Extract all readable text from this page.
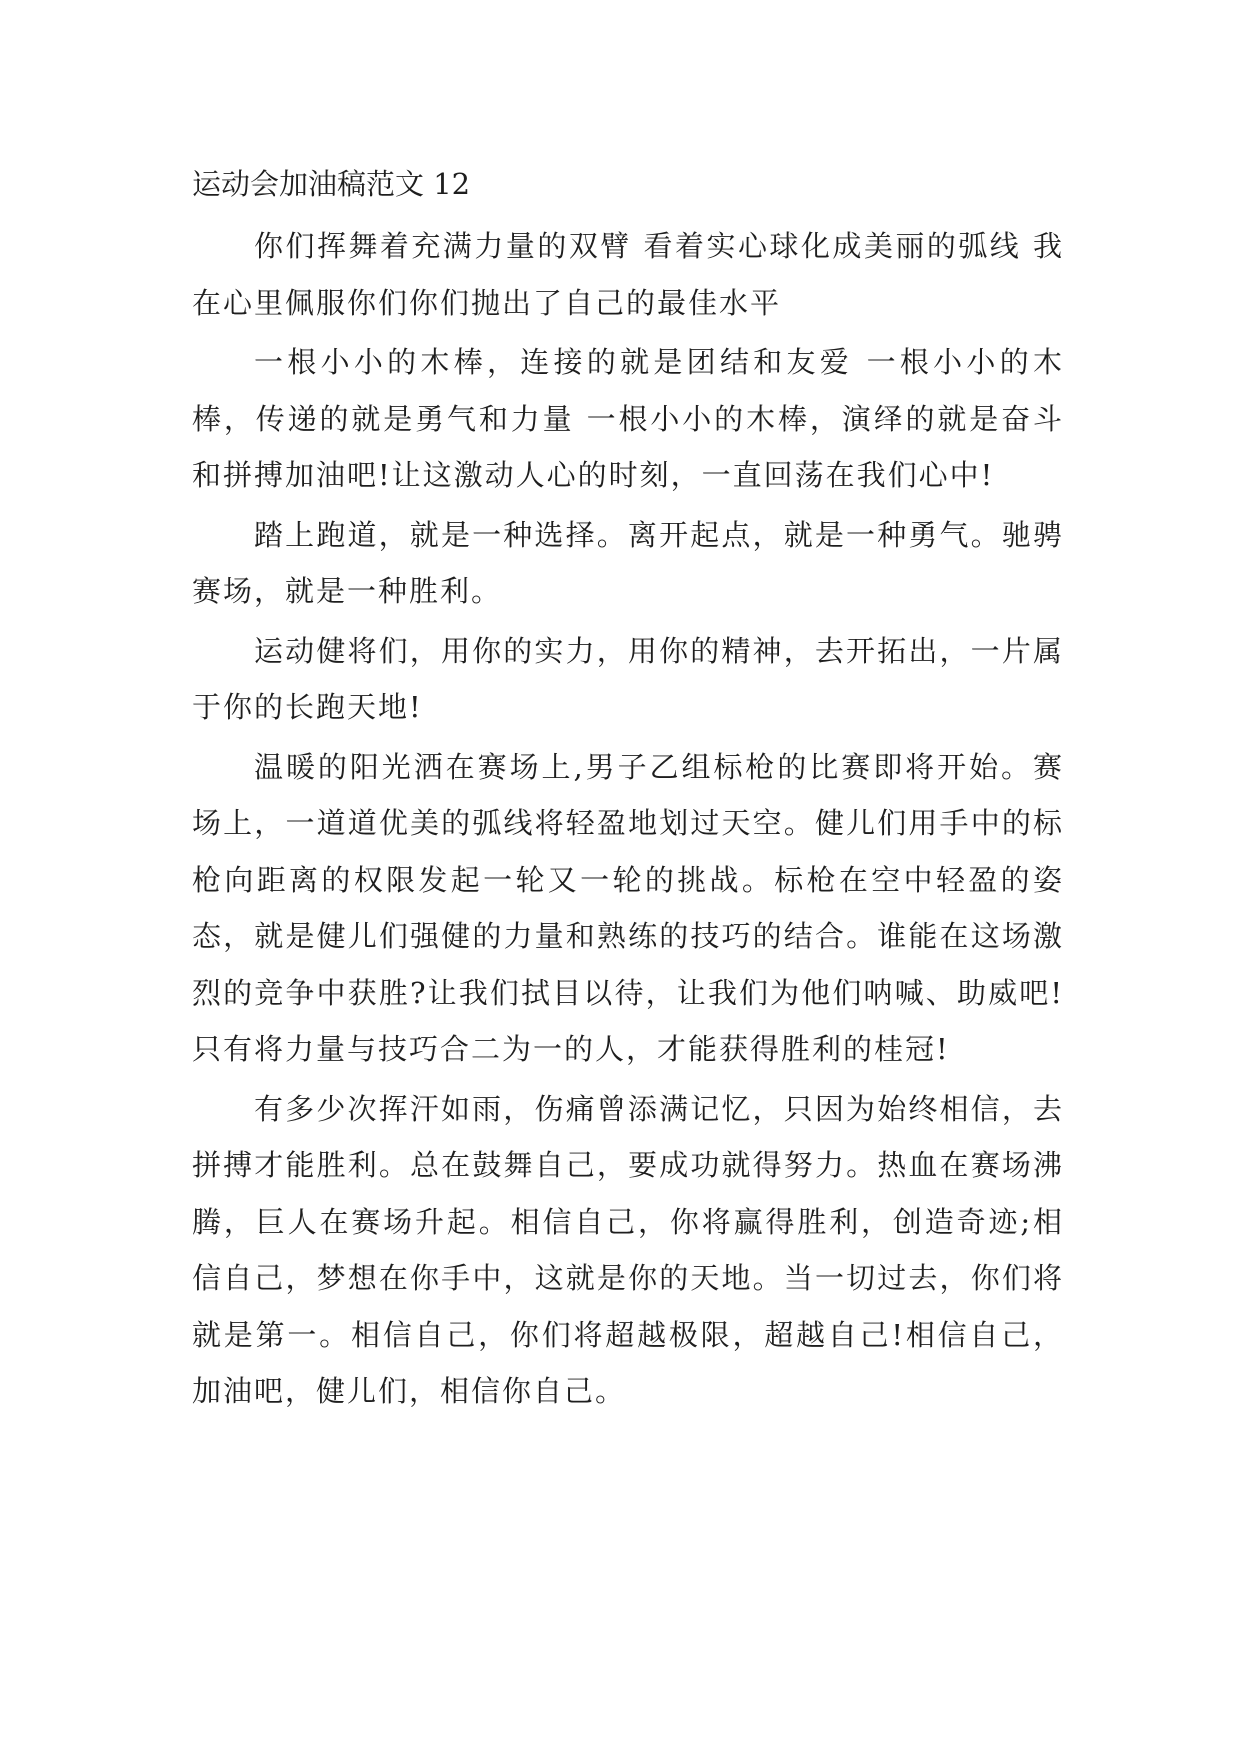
运动会加油稿范文 12

你们挥舞着充满力量的双臂 看着实心球化成美丽的弧线 我在心里佩服你们你们抛出了自己的最佳水平

一根小小的木棒，连接的就是团结和友爱 一根小小的木棒，传递的就是勇气和力量 一根小小的木棒，演绎的就是奋斗和拼搏加油吧!让这激动人心的时刻，一直回荡在我们心中!

踏上跑道，就是一种选择。离开起点，就是一种勇气。驰骋赛场，就是一种胜利。

运动健将们，用你的实力，用你的精神，去开拓出，一片属于你的长跑天地!

温暖的阳光洒在赛场上,男子乙组标枪的比赛即将开始。赛场上，一道道优美的弧线将轻盈地划过天空。健儿们用手中的标枪向距离的权限发起一轮又一轮的挑战。标枪在空中轻盈的姿态，就是健儿们强健的力量和熟练的技巧的结合。谁能在这场激烈的竞争中获胜?让我们拭目以待，让我们为他们呐喊、助威吧!只有将力量与技巧合二为一的人，才能获得胜利的桂冠!

有多少次挥汗如雨，伤痛曾添满记忆，只因为始终相信，去拼搏才能胜利。总在鼓舞自己，要成功就得努力。热血在赛场沸腾，巨人在赛场升起。相信自己，你将赢得胜利，创造奇迹;相信自己，梦想在你手中，这就是你的天地。当一切过去，你们将就是第一。相信自己，你们将超越极限，超越自己!相信自己，加油吧，健儿们，相信你自己。
